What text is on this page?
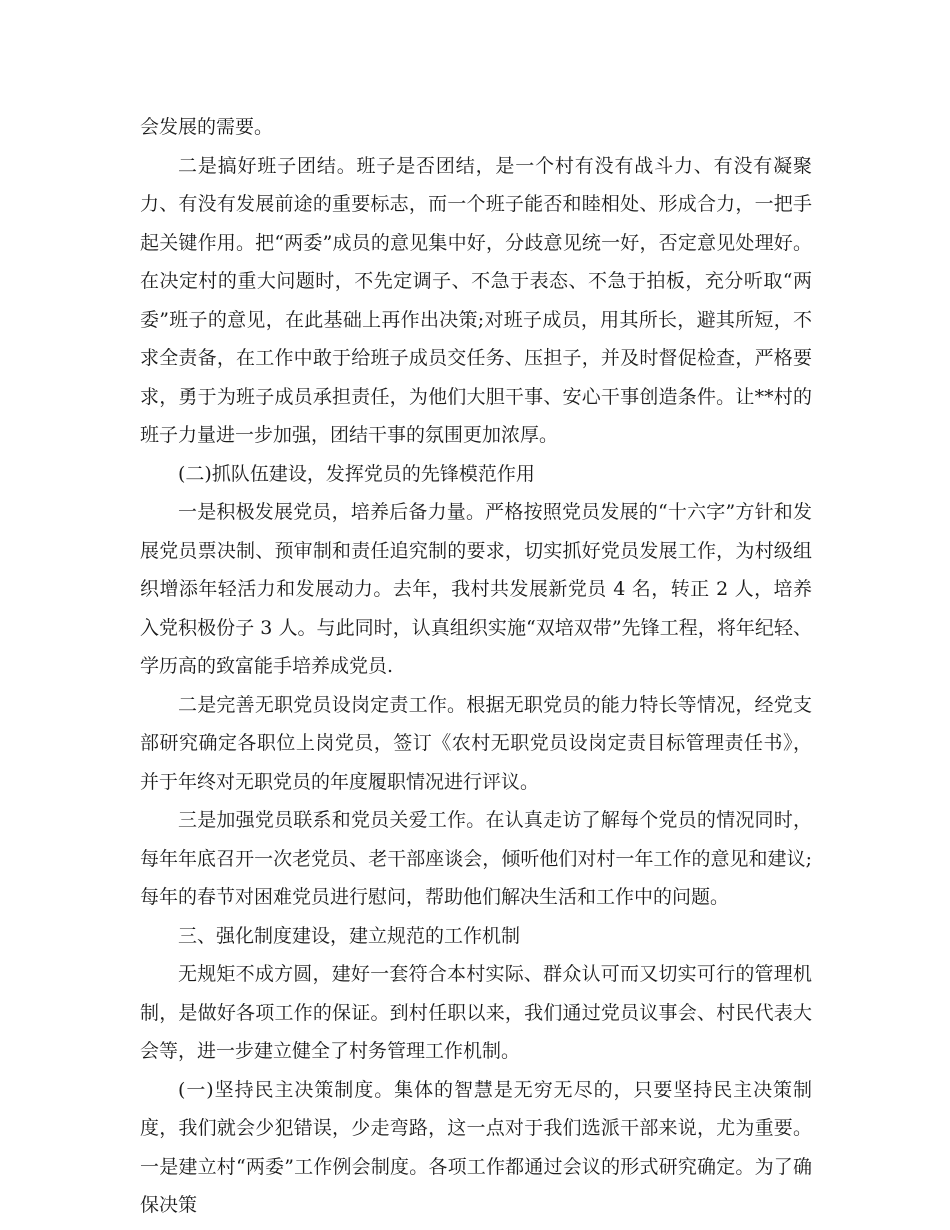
会发展的需要。

二是搞好班子团结。班子是否团结，是一个村有没有战斗力、有没有凝聚力、有没有发展前途的重要标志，而一个班子能否和睦相处、形成合力，一把手起关键作用。把“两委”成员的意见集中好，分歧意见统一好，否定意见处理好。在决定村的重大问题时，不先定调子、不急于表态、不急于拍板，充分听取“两委”班子的意见，在此基础上再作出决策;对班子成员，用其所长，避其所短，不求全责备，在工作中敢于给班子成员交任务、压担子，并及时督促检查，严格要求，勇于为班子成员承担责任，为他们大胆干事、安心干事创造条件。让**村的班子力量进一步加强，团结干事的氛围更加浓厚。

(二)抓队伍建设，发挥党员的先锋模范作用

一是积极发展党员，培养后备力量。严格按照党员发展的“十六字”方针和发展党员票决制、预审制和责任追究制的要求，切实抓好党员发展工作，为村级组织增添年轻活力和发展动力。去年，我村共发展新党员 4 名，转正 2 人，培养入党积极份子 3 人。与此同时，认真组织实施“双培双带”先锋工程，将年纪轻、学历高的致富能手培养成党员.

二是完善无职党员设岗定责工作。根据无职党员的能力特长等情况，经党支部研究确定各职位上岗党员，签订《农村无职党员设岗定责目标管理责任书》，并于年终对无职党员的年度履职情况进行评议。

三是加强党员联系和党员关爱工作。在认真走访了解每个党员的情况同时，每年年底召开一次老党员、老干部座谈会，倾听他们对村一年工作的意见和建议;每年的春节对困难党员进行慰问，帮助他们解决生活和工作中的问题。

三、强化制度建设，建立规范的工作机制

无规矩不成方圆，建好一套符合本村实际、群众认可而又切实可行的管理机制，是做好各项工作的保证。到村任职以来，我们通过党员议事会、村民代表大会等，进一步建立健全了村务管理工作机制。

(一)坚持民主决策制度。集体的智慧是无穷无尽的，只要坚持民主决策制度，我们就会少犯错误，少走弯路，这一点对于我们选派干部来说，尤为重要。一是建立村“两委”工作例会制度。各项工作都通过会议的形式研究确定。为了确保决策
